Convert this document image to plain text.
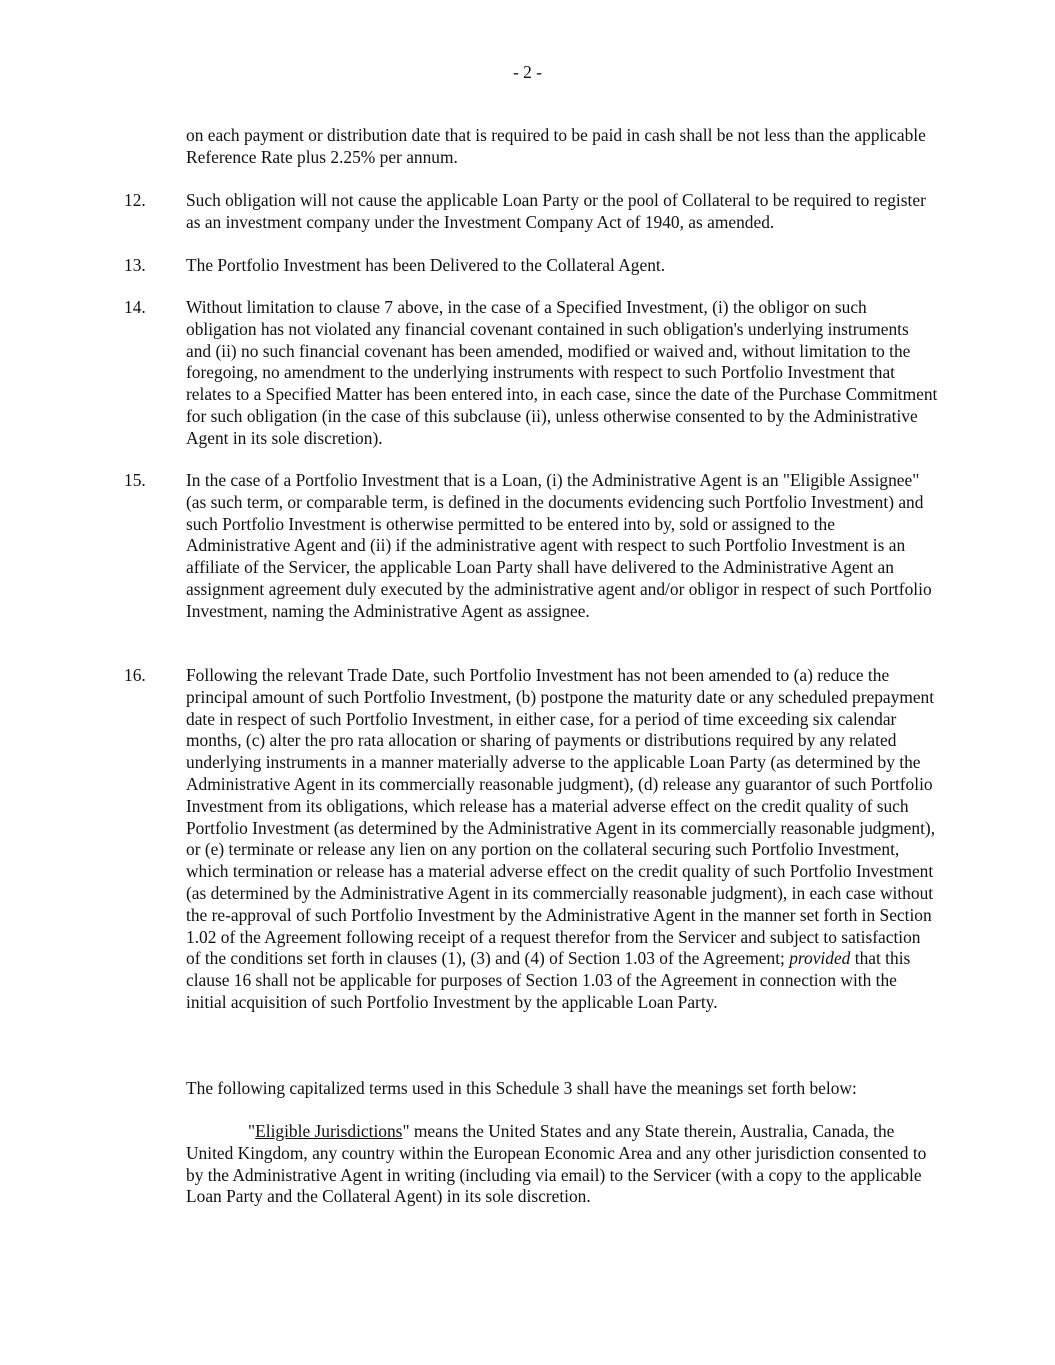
- 2 -

on each payment or distribution date that is required to be paid in cash shall be not less than the applicable Reference Rate plus 2.25% per annum.

12. Such obligation will not cause the applicable Loan Party or the pool of Collateral to be required to register as an investment company under the Investment Company Act of 1940, as amended.
13. The Portfolio Investment has been Delivered to the Collateral Agent.
14. Without limitation to clause 7 above, in the case of a Specified Investment, (i) the obligor on such obligation has not violated any financial covenant contained in such obligation's underlying instruments and (ii) no such financial covenant has been amended, modified or waived and, without limitation to the foregoing, no amendment to the underlying instruments with respect to such Portfolio Investment that relates to a Specified Matter has been entered into, in each case, since the date of the Purchase Commitment for such obligation (in the case of this subclause (ii), unless otherwise consented to by the Administrative Agent in its sole discretion).
15. In the case of a Portfolio Investment that is a Loan, (i) the Administrative Agent is an "Eligible Assignee" (as such term, or comparable term, is defined in the documents evidencing such Portfolio Investment) and such Portfolio Investment is otherwise permitted to be entered into by, sold or assigned to the Administrative Agent and (ii) if the administrative agent with respect to such Portfolio Investment is an affiliate of the Servicer, the applicable Loan Party shall have delivered to the Administrative Agent an assignment agreement duly executed by the administrative agent and/or obligor in respect of such Portfolio Investment, naming the Administrative Agent as assignee.
16. Following the relevant Trade Date, such Portfolio Investment has not been amended to (a) reduce the principal amount of such Portfolio Investment, (b) postpone the maturity date or any scheduled prepayment date in respect of such Portfolio Investment, in either case, for a period of time exceeding six calendar months, (c) alter the pro rata allocation or sharing of payments or distributions required by any related underlying instruments in a manner materially adverse to the applicable Loan Party (as determined by the Administrative Agent in its commercially reasonable judgment), (d) release any guarantor of such Portfolio Investment from its obligations, which release has a material adverse effect on the credit quality of such Portfolio Investment (as determined by the Administrative Agent in its commercially reasonable judgment), or (e) terminate or release any lien on any portion on the collateral securing such Portfolio Investment, which termination or release has a material adverse effect on the credit quality of such Portfolio Investment (as determined by the Administrative Agent in its commercially reasonable judgment), in each case without the re-approval of such Portfolio Investment by the Administrative Agent in the manner set forth in Section 1.02 of the Agreement following receipt of a request therefor from the Servicer and subject to satisfaction of the conditions set forth in clauses (1), (3) and (4) of Section 1.03 of the Agreement; provided that this clause 16 shall not be applicable for purposes of Section 1.03 of the Agreement in connection with the initial acquisition of such Portfolio Investment by the applicable Loan Party.

The following capitalized terms used in this Schedule 3 shall have the meanings set forth below:

"Eligible Jurisdictions" means the United States and any State therein, Australia, Canada, the United Kingdom, any country within the European Economic Area and any other jurisdiction consented to by the Administrative Agent in writing (including via email) to the Servicer (with a copy to the applicable Loan Party and the Collateral Agent) in its sole discretion.
